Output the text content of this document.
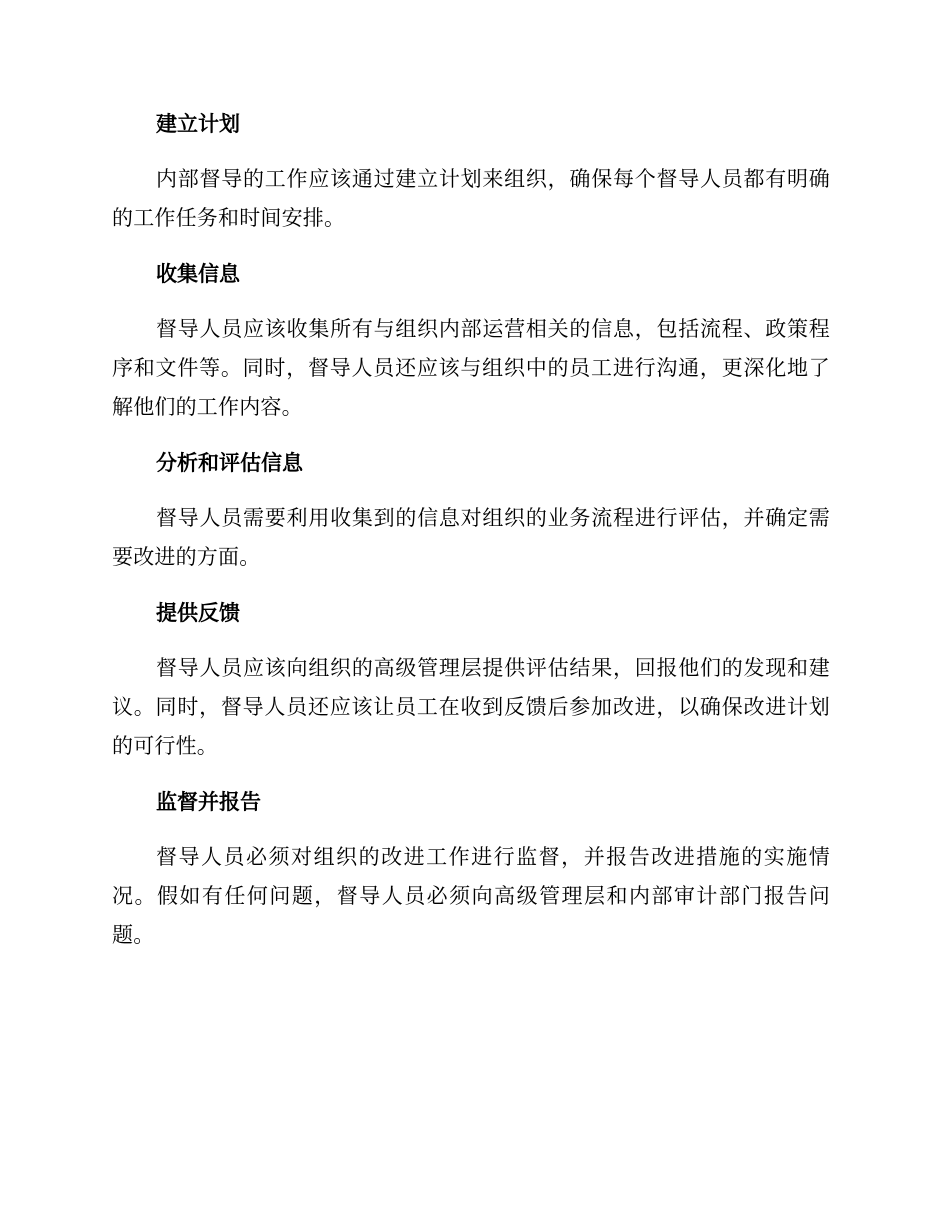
建立计划

内部督导的工作应该通过建立计划来组织，确保每个督导人员都有明确的工作任务和时间安排。

收集信息

督导人员应该收集所有与组织内部运营相关的信息，包括流程、政策程序和文件等。同时，督导人员还应该与组织中的员工进行沟通，更深化地了解他们的工作内容。

分析和评估信息

督导人员需要利用收集到的信息对组织的业务流程进行评估，并确定需要改进的方面。

提供反馈

督导人员应该向组织的高级管理层提供评估结果，回报他们的发现和建议。同时，督导人员还应该让员工在收到反馈后参加改进，以确保改进计划的可行性。

监督并报告

督导人员必须对组织的改进工作进行监督，并报告改进措施的实施情况。假如有任何问题，督导人员必须向高级管理层和内部审计部门报告问题。
